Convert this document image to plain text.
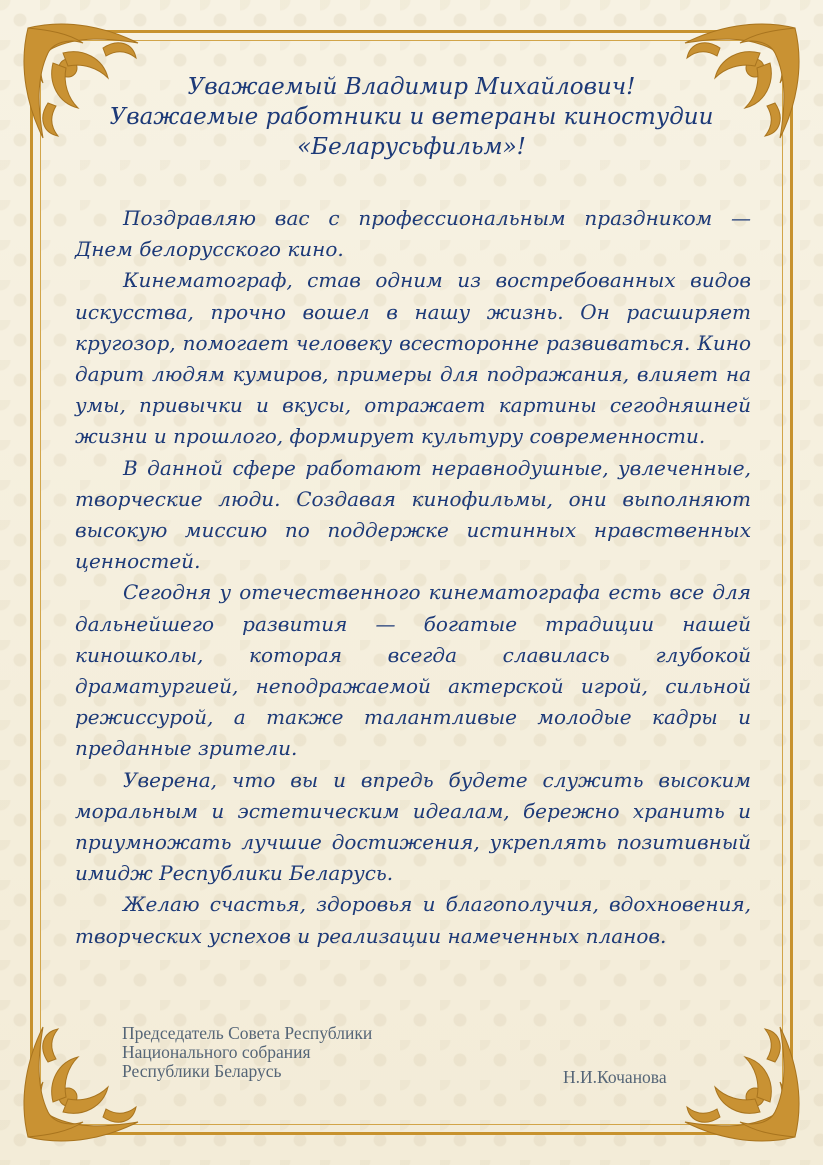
Уважаемый Владимир Михайлович!
Уважаемые работники и ветераны киностудии
«Беларусьфильм»!

Поздравляю вас с профессиональным праздником — Днем белорусского кино.

Кинематограф, став одним из востребованных видов искусства, прочно вошел в нашу жизнь. Он расширяет кругозор, помогает человеку всесторонне развиваться. Кино дарит людям кумиров, примеры для подражания, влияет на умы, привычки и вкусы, отражает картины сегодняшней жизни и прошлого, формирует культуру современности.

В данной сфере работают неравнодушные, увлеченные, творческие люди. Создавая кинофильмы, они выполняют высокую миссию по поддержке истинных нравственных ценностей.

Сегодня у отечественного кинематографа есть все для дальнейшего развития — богатые традиции нашей киношколы, которая всегда славилась глубокой драматургией, неподражаемой актерской игрой, сильной режиссурой, а также талантливые молодые кадры и преданные зрители.

Уверена, что вы и впредь будете служить высоким моральным и эстетическим идеалам, бережно хранить и приумножать лучшие достижения, укреплять позитивный имидж Республики Беларусь.

Желаю счастья, здоровья и благополучия, вдохновения, творческих успехов и реализации намеченных планов.

Председатель Совета Республики
Национального собрания
Республики Беларусь	Н.И.Кочанова
